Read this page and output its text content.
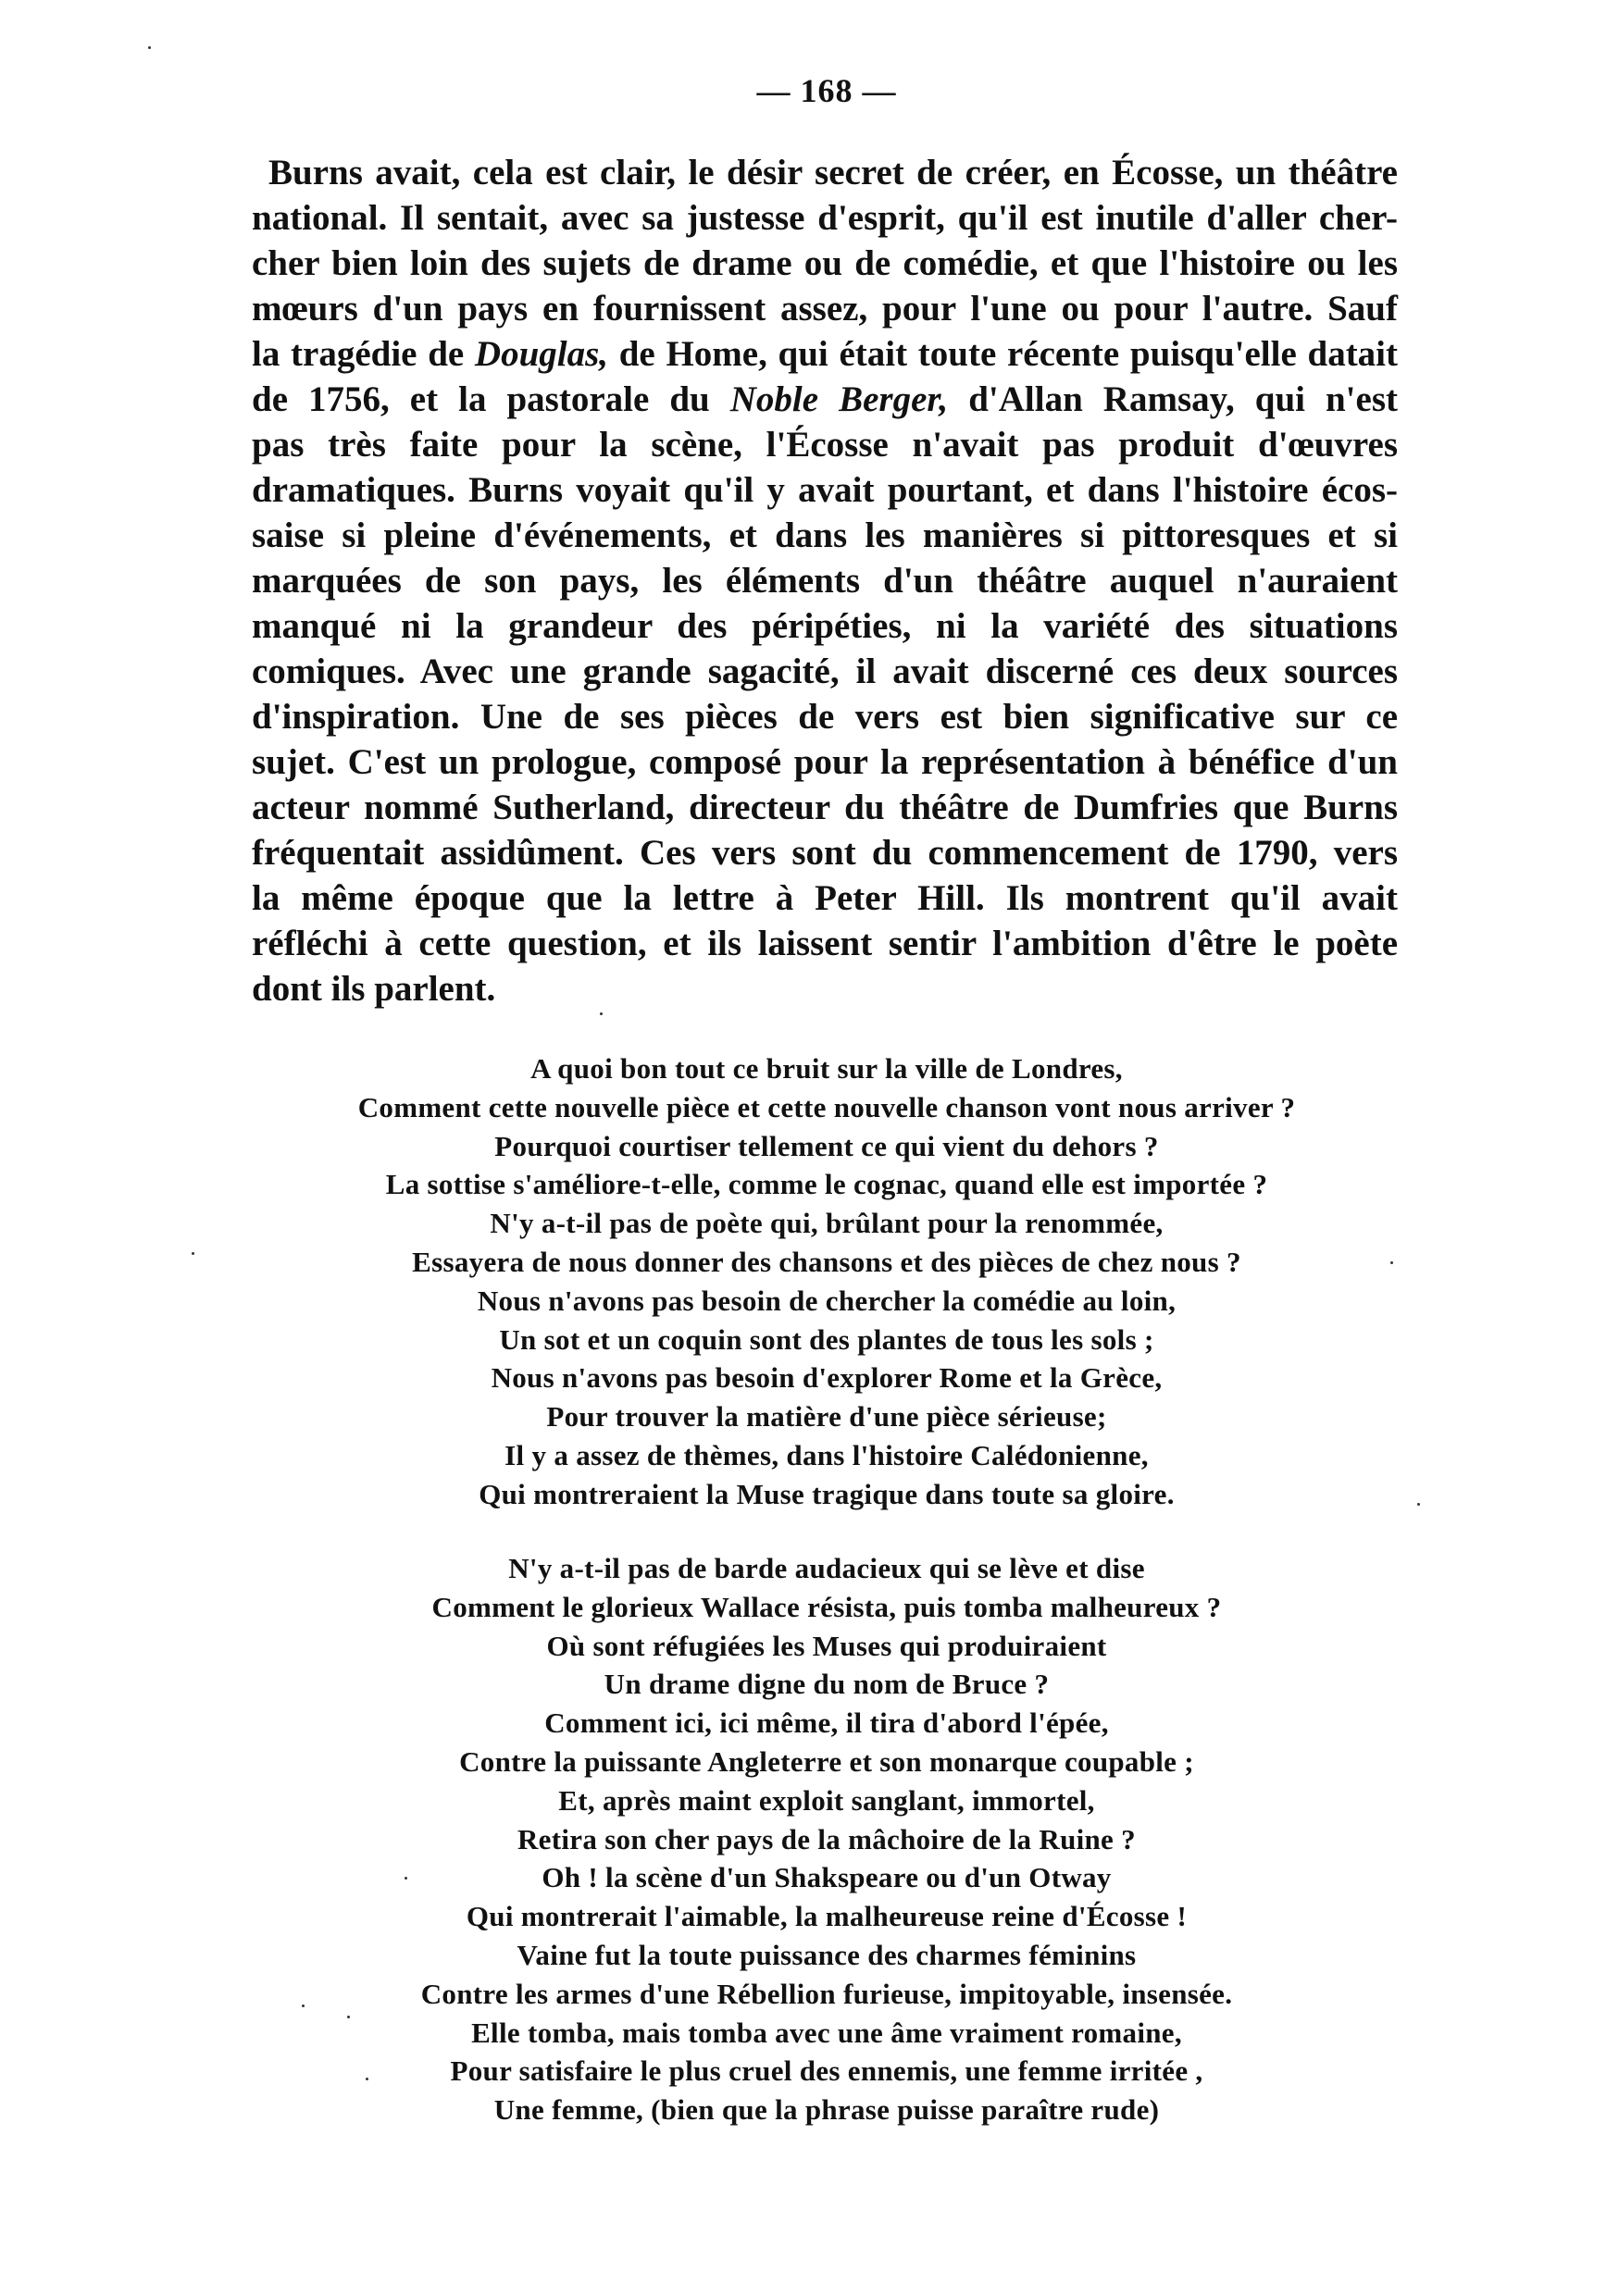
— 168 —
Burns avait, cela est clair, le désir secret de créer, en Écosse, un théâtre
national. Il sentait, avec sa justesse d'esprit, qu'il est inutile d'aller cher-
cher bien loin des sujets de drame ou de comédie, et que l'histoire ou les
mœurs d'un pays en fournissent assez, pour l'une ou pour l'autre. Sauf
la tragédie de Douglas, de Home, qui était toute récente puisqu'elle datait
de 1756, et la pastorale du Noble Berger, d'Allan Ramsay, qui n'est
pas très faite pour la scène, l'Écosse n'avait pas produit d'œuvres
dramatiques. Burns voyait qu'il y avait pourtant, et dans l'histoire écos-
saise si pleine d'événements, et dans les manières si pittoresques et si
marquées de son pays, les éléments d'un théâtre auquel n'auraient
manqué ni la grandeur des péripéties, ni la variété des situations
comiques. Avec une grande sagacité, il avait discerné ces deux sources
d'inspiration. Une de ses pièces de vers est bien significative sur ce
sujet. C'est un prologue, composé pour la représentation à bénéfice d'un
acteur nommé Sutherland, directeur du théâtre de Dumfries que Burns
fréquentait assidûment. Ces vers sont du commencement de 1790, vers
la même époque que la lettre à Peter Hill. Ils montrent qu'il avait
réfléchi à cette question, et ils laissent sentir l'ambition d'être le poète
dont ils parlent.
A quoi bon tout ce bruit sur la ville de Londres,
Comment cette nouvelle pièce et cette nouvelle chanson vont nous arriver ?
Pourquoi courtiser tellement ce qui vient du dehors ?
La sottise s'améliore-t-elle, comme le cognac, quand elle est importée ?
N'y a-t-il pas de poète qui, brûlant pour la renommée,
Essayera de nous donner des chansons et des pièces de chez nous ?
Nous n'avons pas besoin de chercher la comédie au loin,
Un sot et un coquin sont des plantes de tous les sols ;
Nous n'avons pas besoin d'explorer Rome et la Grèce,
Pour trouver la matière d'une pièce sérieuse;
Il y a assez de thèmes, dans l'histoire Calédonienne,
Qui montreraient la Muse tragique dans toute sa gloire.
N'y a-t-il pas de barde audacieux qui se lève et dise
Comment le glorieux Wallace résista, puis tomba malheureux ?
Où sont réfugiées les Muses qui produiraient
Un drame digne du nom de Bruce ?
Comment ici, ici même, il tira d'abord l'épée,
Contre la puissante Angleterre et son monarque coupable ;
Et, après maint exploit sanglant, immortel,
Retira son cher pays de la mâchoire de la Ruine ?
Oh ! la scène d'un Shakspeare ou d'un Otway
Qui montrerait l'aimable, la malheureuse reine d'Écosse !
Vaine fut la toute puissance des charmes féminins
Contre les armes d'une Rébellion furieuse, impitoyable, insensée.
Elle tomba, mais tomba avec une âme vraiment romaine,
Pour satisfaire le plus cruel des ennemis, une femme irritée ,
Une femme, (bien que la phrase puisse paraître rude)
